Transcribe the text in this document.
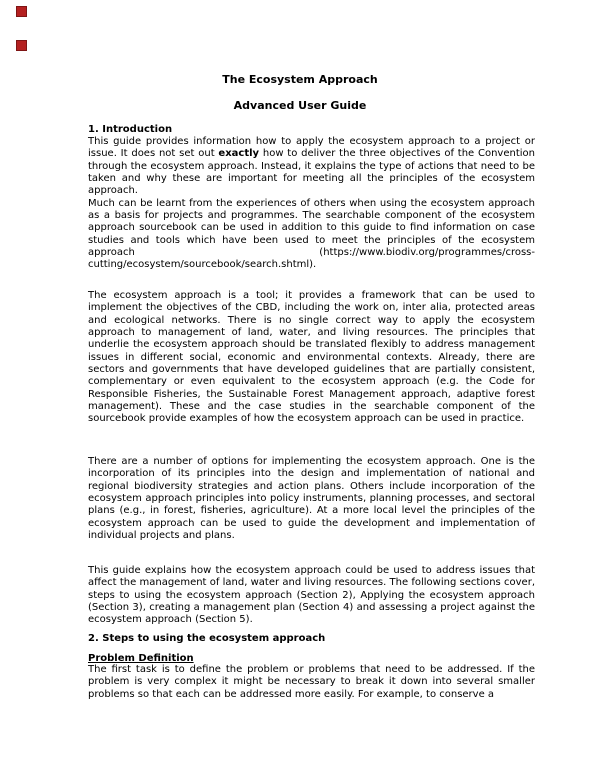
The Ecosystem Approach
Advanced User Guide
1. Introduction

This guide provides information how to apply the ecosystem approach to a project or issue. It does not set out exactly how to deliver the three objectives of the Convention through the ecosystem approach. Instead, it explains the type of actions that need to be taken and why these are important for meeting all the principles of the ecosystem approach.

Much can be learnt from the experiences of others when using the ecosystem approach as a basis for projects and programmes. The searchable component of the ecosystem approach sourcebook can be used in addition to this guide to find information on case studies and tools which have been used to meet the principles of the ecosystem approach (https://www.biodiv.org/programmes/cross-cutting/ecosystem/sourcebook/search.shtml).

The ecosystem approach is a tool; it provides a framework that can be used to implement the objectives of the CBD, including the work on, inter alia, protected areas and ecological networks. There is no single correct way to apply the ecosystem approach to management of land, water, and living resources. The principles that underlie the ecosystem approach should be translated flexibly to address management issues in different social, economic and environmental contexts. Already, there are sectors and governments that have developed guidelines that are partially consistent, complementary or even equivalent to the ecosystem approach (e.g. the Code for Responsible Fisheries, the Sustainable Forest Management approach, adaptive forest management). These and the case studies in the searchable component of the sourcebook provide examples of how the ecosystem approach can be used in practice.

There are a number of options for implementing the ecosystem approach. One is the incorporation of its principles into the design and implementation of national and regional biodiversity strategies and action plans. Others include incorporation of the ecosystem approach principles into policy instruments, planning processes, and sectoral plans (e.g., in forest, fisheries, agriculture). At a more local level the principles of the ecosystem approach can be used to guide the development and implementation of individual projects and plans.

This guide explains how the ecosystem approach could be used to address issues that affect the management of land, water and living resources. The following sections cover, steps to using the ecosystem approach (Section 2), Applying the ecosystem approach (Section 3), creating a management plan (Section 4) and assessing a project against the ecosystem approach (Section 5).

2. Steps to using the ecosystem approach
Problem Definition

The first task is to define the problem or problems that need to be addressed. If the problem is very complex it might be necessary to break it down into several smaller problems so that each can be addressed more easily. For example, to conserve a
